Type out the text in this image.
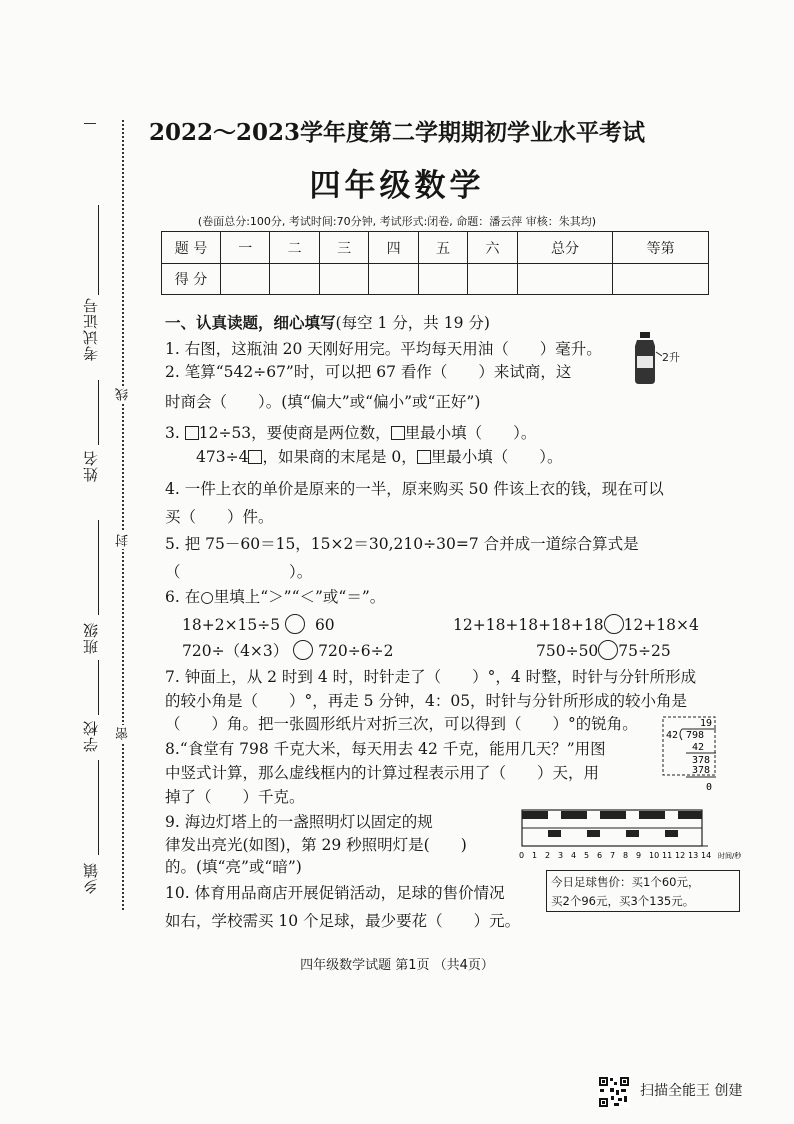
考试证号
线
姓名
封
班级
密
学校
乡镇
2022～2023学年度第二学期期初学业水平考试
四年级数学
(卷面总分:100分, 考试时间:70分钟, 考试形式:闭卷, 命题：潘云萍 审核：朱其均)
题 号	一	二	三	四	五	六	总分	等第
得 分								
一、认真读题，细心填写(每空 1 分，共 19 分)
1. 右图，这瓶油 20 天刚好用完。平均每天用油（　　）毫升。	2升
2. 笔算“542÷67”时，可以把 67 看作（　　）来试商，这
时商会（　　）。(填“偏大”或“偏小”或“正好”)
3. 12÷53，要使商是两位数， 里最小填（　　）。
473÷4 ，如果商的末尾是 0， 里最小填（　　）。
4. 一件上衣的单价是原来的一半，原来购买 50 件该上衣的钱，现在可以
买（　　）件。
5. 把 75－60＝15，15×2＝30,210÷30=7 合并成一道综合算式是
（　　　　　　　）。
6. 在○里填上“＞”“＜”或“＝”。
18+2×15÷5 60	12+18+18+18+18 12+18×4
720÷（4×3） 720÷6÷2	750÷50 75÷25
7. 钟面上，从 2 时到 4 时，时针走了（　　）°，4 时整，时针与分针所形成
的较小角是（　　）°，再走 5 分钟，4：05，时针与分针所形成的较小角是
（　　）角。把一张圆形纸片对折三次，可以得到（　　）°的锐角。
8.“食堂有 798 千克大米，每天用去 42 千克，能用几天？”用图
中竖式计算，那么虚线框内的计算过程表示用了（　　）天，用
掉了（　　）千克。
19
42 798
42
378
378
0
9. 海边灯塔上的一盏照明灯以固定的规
律发出亮光(如图)，第 29 秒照明灯是(　　)
的。(填“亮”或“暗”)
0 1 2 3 4 5 6 7 8 9 10 11 12 13 14 时间/秒
10. 体育用品商店开展促销活动，足球的售价情况
如右，学校需买 10 个足球，最少要花（　　）元。
今日足球售价：买1个60元，
买2个96元，买3个135元。
四年级数学试题 第1页 （共4页）
扫描全能王 创建
